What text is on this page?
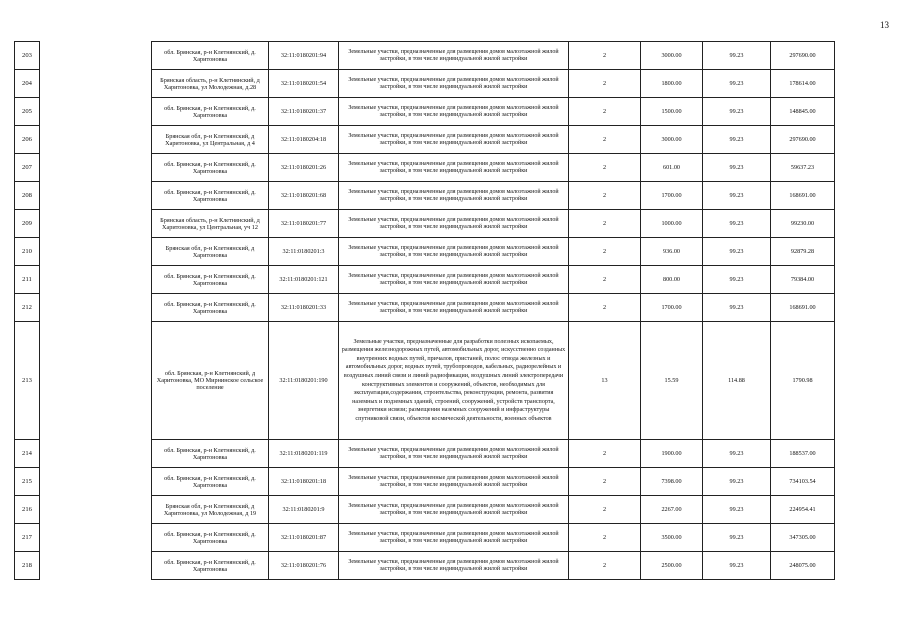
13
203		обл. Брянская, р-н Клетнянский, д. Харитоновка	32:11:0180201:94	Земельные участки, предназначенные для размещения домов малоэтажной жилой застройки, в том числе индивидуальной жилой застройки	2	3000.00	99.23	297690.00
204		Брянская область, р-н Клетнянский, д Харитоновка, ул Молодежная, д.28	32:11:0180201:54	Земельные участки, предназначенные для размещения домов малоэтажной жилой застройки, в том числе индивидуальной жилой застройки	2	1800.00	99.23	178614.00
205		обл. Брянская, р-н Клетнянский, д. Харитоновка	32:11:0180201:37	Земельные участки, предназначенные для размещения домов малоэтажной жилой застройки, в том числе индивидуальной жилой застройки	2	1500.00	99.23	148845.00
206		Брянская обл, р-н Клетнянский, д Харитоновка, ул Центральная, д 4	32:11:0180204:18	Земельные участки, предназначенные для размещения домов малоэтажной жилой застройки, в том числе индивидуальной жилой застройки	2	3000.00	99.23	297690.00
207		обл. Брянская, р-н Клетнянский, д. Харитоновка	32:11:0180201:26	Земельные участки, предназначенные для размещения домов малоэтажной жилой застройки, в том числе индивидуальной жилой застройки	2	601.00	99.23	59637.23
208		обл. Брянская, р-н Клетнянский, д. Харитоновка	32:11:0180201:68	Земельные участки, предназначенные для размещения домов малоэтажной жилой застройки, в том числе индивидуальной жилой застройки	2	1700.00	99.23	168691.00
209		Брянская область, р-н Клетнянский, д Харитоновка, ул Центральная, уч 12	32:11:0180201:77	Земельные участки, предназначенные для размещения домов малоэтажной жилой застройки, в том числе индивидуальной жилой застройки	2	1000.00	99.23	99230.00
210		Брянская обл, р-н Клетнянский, д Харитоновка	32:11:0180201:3	Земельные участки, предназначенные для размещения домов малоэтажной жилой застройки, в том числе индивидуальной жилой застройки	2	936.00	99.23	92879.28
211		обл. Брянская, р-н Клетнянский, д. Харитоновка	32:11:0180201:121	Земельные участки, предназначенные для размещения домов малоэтажной жилой застройки, в том числе индивидуальной жилой застройки	2	800.00	99.23	79384.00
212		обл. Брянская, р-н Клетнянский, д. Харитоновка	32:11:0180201:33	Земельные участки, предназначенные для размещения домов малоэтажной жилой застройки, в том числе индивидуальной жилой застройки	2	1700.00	99.23	168691.00
213		обл. Брянская, р-н Клетнянский, д Харитоновка, МО Мирнинское сельское поселение	32:11:0180201:190	Земельные участки, предназначенные для разработки полезных ископаемых, размещения железнодорожных путей, автомобильных дорог, искусственно созданных внутренних водных путей, причалов, пристаней, полос отвода железных и автомобильных дорог, водных путей, трубопроводов, кабельных, радиорелейных и воздушных линий связи и линий радиофикации, воздушных линий электропередачи конструктивных элементов и сооружений, объектов, необходимых для эксплуатации,содержания, строительства, реконструкции, ремонта, развития наземных и подземных зданий, строений, сооружений, устройств транспорта, энергетики исвязи; размещения наземных сооружений и инфраструктуры спутниковой связи, объектов космической деятельности, военных объектов	13	15.59	114.88	1790.98
214		обл. Брянская, р-н Клетнянский, д. Харитоновка	32:11:0180201:119	Земельные участки, предназначенные для размещения домов малоэтажной жилой застройки, в том числе индивидуальной жилой застройки	2	1900.00	99.23	188537.00
215		обл. Брянская, р-н Клетнянский, д. Харитоновка	32:11:0180201:18	Земельные участки, предназначенные для размещения домов малоэтажной жилой застройки, в том числе индивидуальной жилой застройки	2	7398.00	99.23	734103.54
216		Брянская обл, р-н Клетнянский, д Харитоновка, ул Молодежная, д 19	32:11:0180201:9	Земельные участки, предназначенные для размещения домов малоэтажной жилой застройки, в том числе индивидуальной жилой застройки	2	2267.00	99.23	224954.41
217		обл. Брянская, р-н Клетнянский, д. Харитоновка	32:11:0180201:87	Земельные участки, предназначенные для размещения домов малоэтажной жилой застройки, в том числе индивидуальной жилой застройки	2	3500.00	99.23	347305.00
218		обл. Брянская, р-н Клетнянский, д. Харитоновка	32:11:0180201:76	Земельные участки, предназначенные для размещения домов малоэтажной жилой застройки, в том числе индивидуальной жилой застройки	2	2500.00	99.23	248075.00
